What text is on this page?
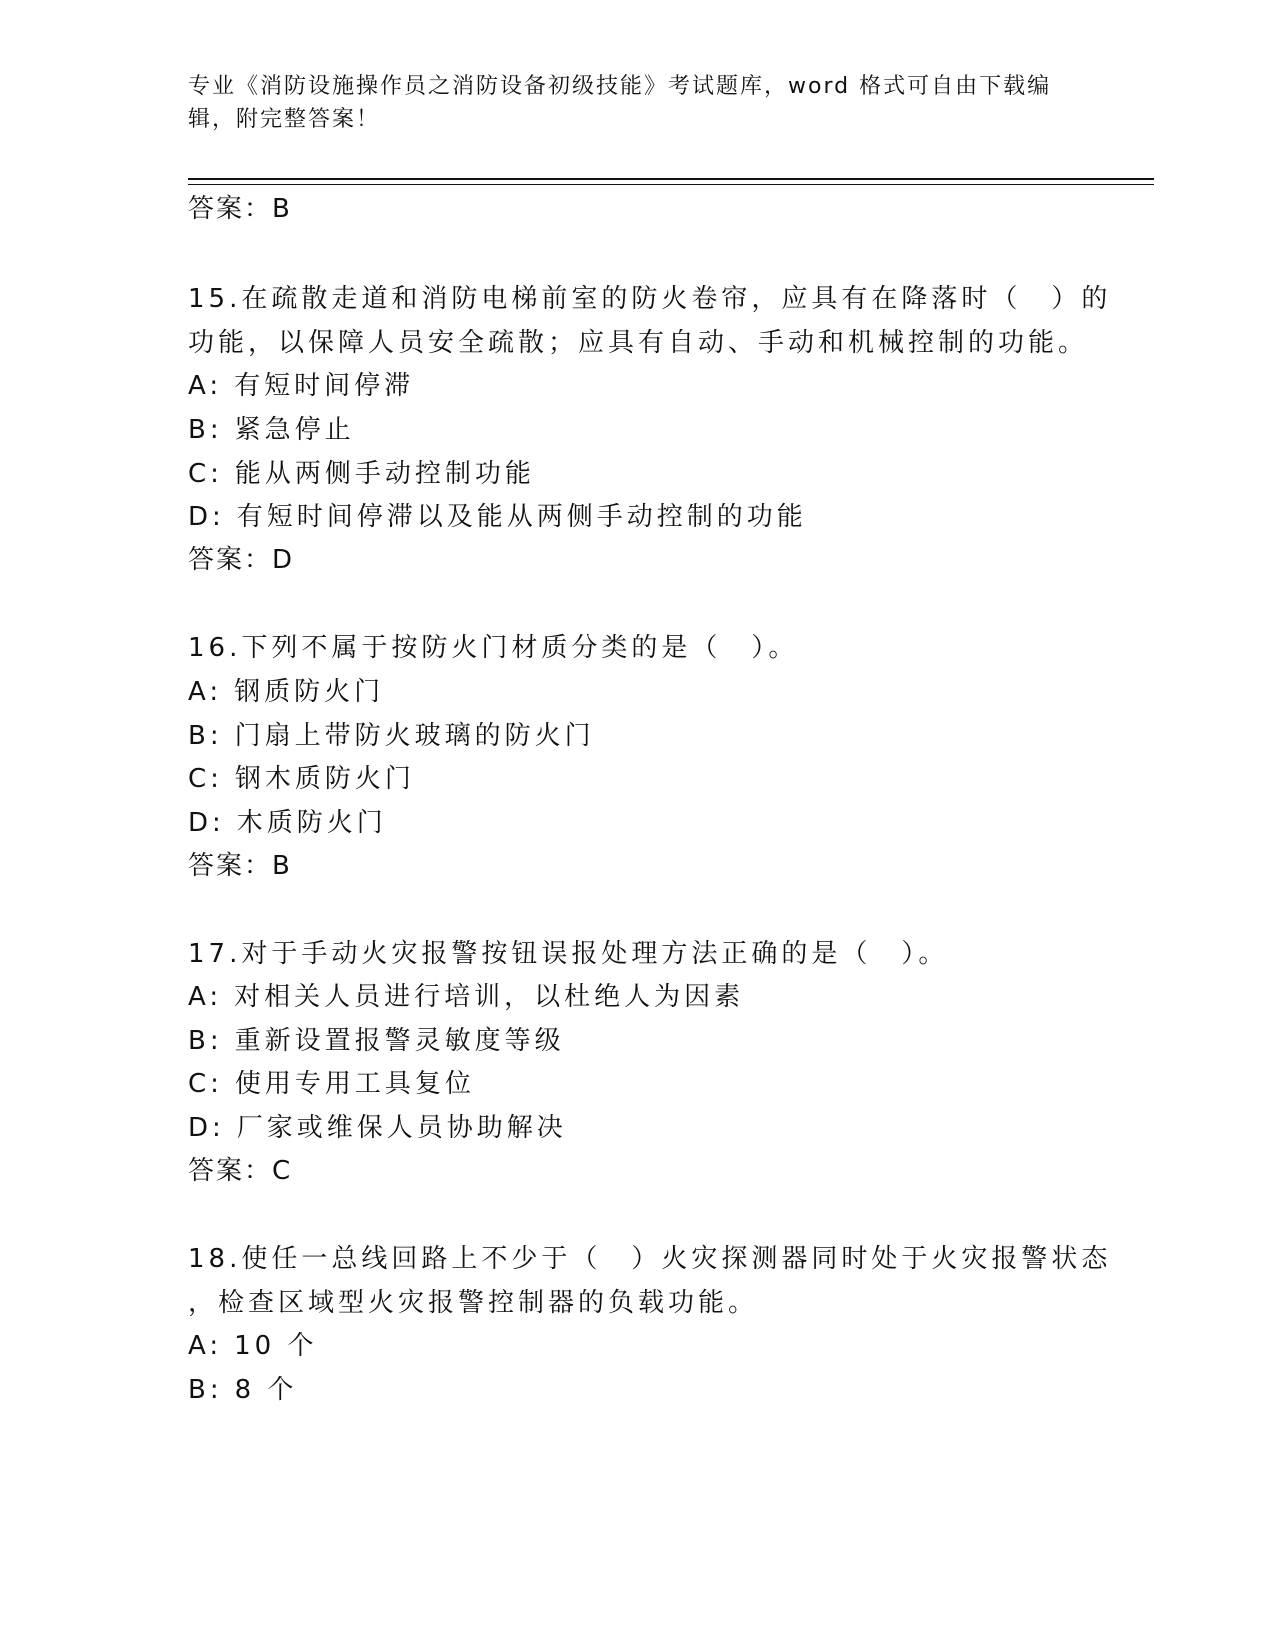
专业《消防设施操作员之消防设备初级技能》考试题库，word 格式可自由下载编
辑，附完整答案！
答案：B
15.在疏散走道和消防电梯前室的防火卷帘，应具有在降落时（　）的
功能，以保障人员安全疏散；应具有自动、手动和机械控制的功能。
A: 有短时间停滞
B: 紧急停止
C: 能从两侧手动控制功能
D: 有短时间停滞以及能从两侧手动控制的功能
答案：D
16.下列不属于按防火门材质分类的是（　）。
A: 钢质防火门
B: 门扇上带防火玻璃的防火门
C: 钢木质防火门
D: 木质防火门
答案：B
17.对于手动火灾报警按钮误报处理方法正确的是（　）。
A: 对相关人员进行培训，以杜绝人为因素
B: 重新设置报警灵敏度等级
C: 使用专用工具复位
D: 厂家或维保人员协助解决
答案：C
18.使任一总线回路上不少于（　）火灾探测器同时处于火灾报警状态
，检查区域型火灾报警控制器的负载功能。
A: 10 个
B: 8 个
